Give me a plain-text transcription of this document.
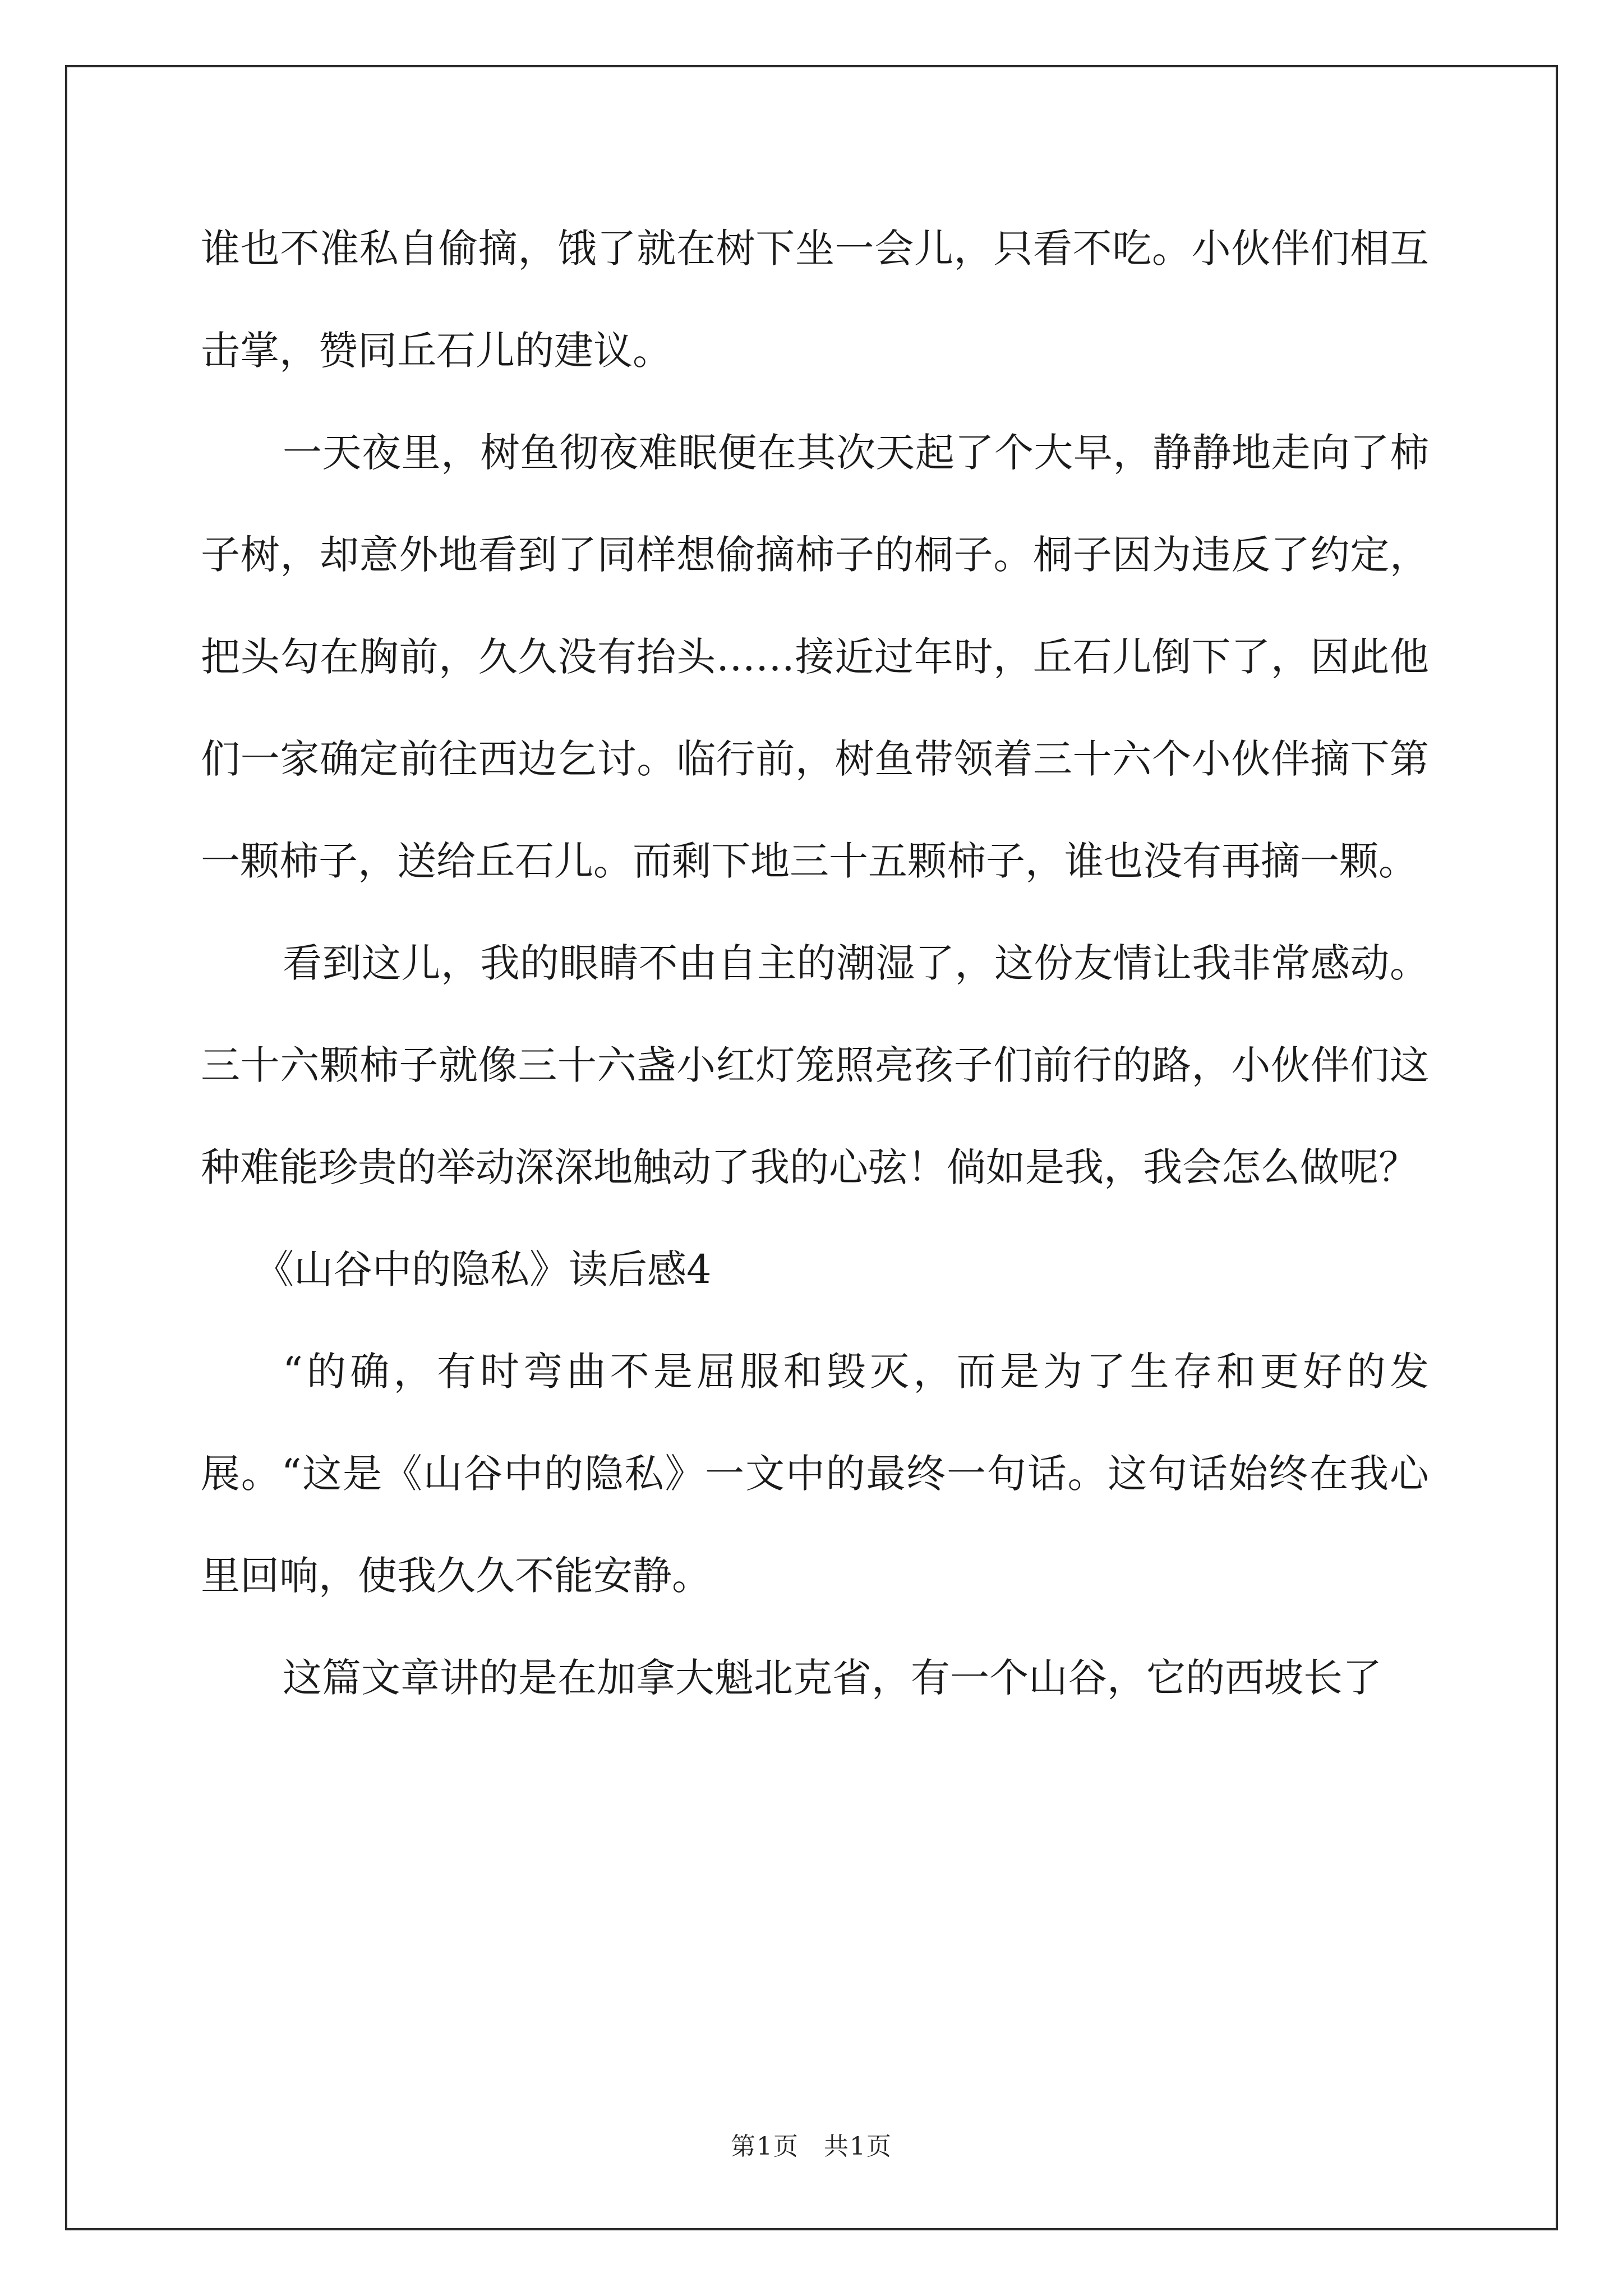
谁也不准私自偷摘，饿了就在树下坐一会儿，只看不吃。小伙伴们相互击掌，赞同丘石儿的建议。

一天夜里，树鱼彻夜难眠便在其次天起了个大早，静静地走向了柿子树，却意外地看到了同样想偷摘柿子的桐子。桐子因为违反了约定，把头勾在胸前，久久没有抬头……接近过年时，丘石儿倒下了，因此他们一家确定前往西边乞讨。临行前，树鱼带领着三十六个小伙伴摘下第一颗柿子，送给丘石儿。而剩下地三十五颗柿子，谁也没有再摘一颗。

看到这儿，我的眼睛不由自主的潮湿了，这份友情让我非常感动。三十六颗柿子就像三十六盏小红灯笼照亮孩子们前行的路，小伙伴们这种难能珍贵的举动深深地触动了我的心弦！倘如是我，我会怎么做呢？

《山谷中的隐私》读后感4

“的确，有时弯曲不是屈服和毁灭，而是为了生存和更好的发展。“这是《山谷中的隐私》一文中的最终一句话。这句话始终在我心里回响，使我久久不能安静。

这篇文章讲的是在加拿大魁北克省，有一个山谷，它的西坡长了

第1页 共1页
